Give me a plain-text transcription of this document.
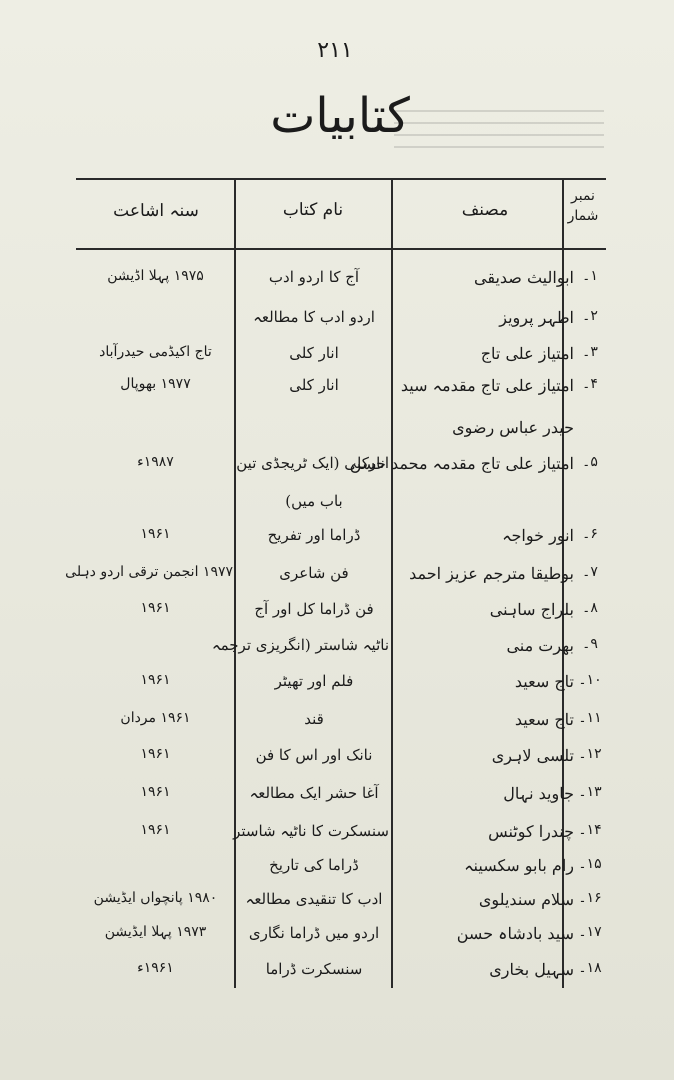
۲۱۱
کتابیات
نمبر شمار
مصنف
نام کتاب
سنہ اشاعت
۱۔
ابوالیث صدیقی
آج کا اردو ادب
۱۹۷۵ پہلا اڈیشن
۲۔
اطہر پرویز
اردو ادب کا مطالعہ
۳۔
امتیاز علی تاج
انار کلی
تاج اکیڈمی حیدرآباد
۴۔
امتیاز علی تاج مقدمہ سید
انار کلی
۱۹۷۷ بھوپال
حیدر عباس رضوی
۵۔
امتیاز علی تاج مقدمہ محمد حسن
انارکلی (ایک ٹریجڈی تین
۱۹۸۷ء
باب میں)
۶۔
انور خواجہ
ڈراما اور تفریح
۱۹۶۱
۷۔
بوطیقا مترجم عزیز احمد
فن شاعری
۱۹۷۷ انجمن ترقی اردو دہلی
۸۔
بلراج ساہنی
فن ڈراما کل اور آج
۱۹۶۱
۹۔
بھرت منی
ناٹیہ شاستر (انگریزی ترجمہ
۱۰۔
تاج سعید
فلم اور تھیٹر
۱۹۶۱
۱۱۔
تاج سعید
قند
۱۹۶۱ مردان
۱۲۔
تلسی لاہری
نانک اور اس کا فن
۱۹۶۱
۱۳۔
جاوید نہال
آغا حشر ایک مطالعہ
۱۹۶۱
۱۴۔
چندرا کوٹنس
سنسکرت کا ناٹیہ شاستر
۱۹۶۱
۱۵۔
رام بابو سکسینہ
ڈراما کی تاریخ
۱۶۔
سلام سندیلوی
ادب کا تنقیدی مطالعہ
۱۹۸۰ پانچواں ایڈیشن
۱۷۔
سید بادشاہ حسن
اردو میں ڈراما نگاری
۱۹۷۳ پہلا ایڈیشن
۱۸۔
سہیل بخاری
سنسکرت ڈراما
۱۹۶۱ء
